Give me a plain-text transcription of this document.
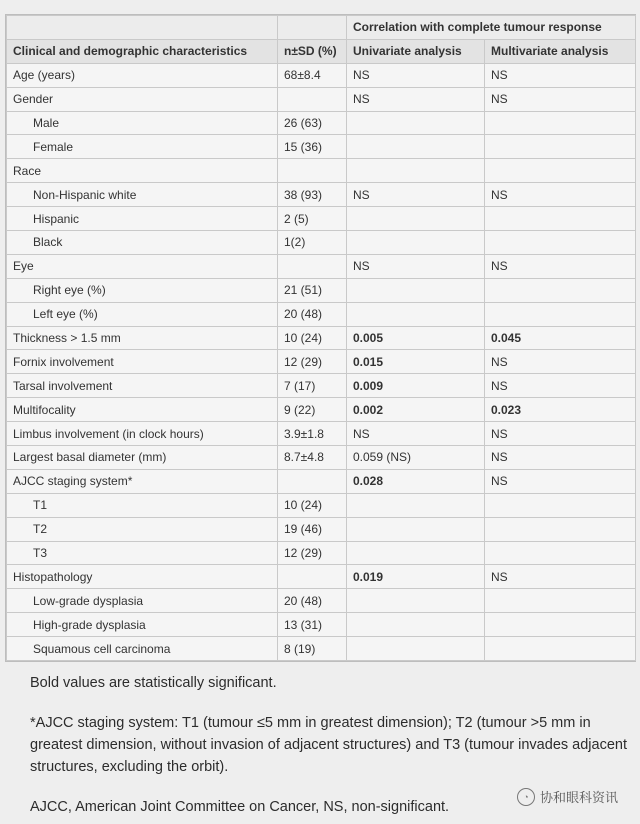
		Correlation with complete tumour response	
Clinical and demographic characteristics	n±SD (%)	Univariate analysis	Multivariate analysis
Age (years)	68±8.4	NS	NS
Gender		NS	NS
Male	26 (63)		
Female	15 (36)		
Race			
Non-Hispanic white	38 (93)	NS	NS
Hispanic	2 (5)		
Black	1(2)		
Eye		NS	NS
Right eye (%)	21 (51)		
Left eye (%)	20 (48)		
Thickness > 1.5 mm	10 (24)	0.005	0.045
Fornix involvement	12 (29)	0.015	NS
Tarsal involvement	7 (17)	0.009	NS
Multifocality	9 (22)	0.002	0.023
Limbus involvement (in clock hours)	3.9±1.8	NS	NS
Largest basal diameter (mm)	8.7±4.8	0.059 (NS)	NS
AJCC staging system*		0.028	NS
T1	10 (24)		
T2	19 (46)		
T3	12 (29)		
Histopathology		0.019	NS
Low-grade dysplasia	20 (48)		
High-grade dysplasia	13 (31)		
Squamous cell carcinoma	8 (19)		

Bold values are statistically significant.

*AJCC staging system: T1 (tumour ≤5 mm in greatest dimension); T2 (tumour >5 mm in greatest dimension, without invasion of adjacent structures) and T3 (tumour invades adjacent structures, excluding the orbit).

AJCC, American Joint Committee on Cancer, NS, non-significant.

◔ 协和眼科资讯
